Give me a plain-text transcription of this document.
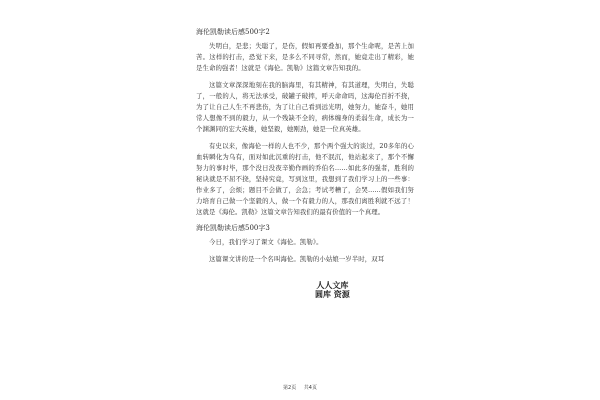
海伦凯勒读后感500字2

失明白，是悲；失聪了，是伤，假如再要叠加，那个生命呢，是苦上加苦。这样的打击，恐觉下来，是多么不同寻常，然而，她竟走出了精彩，她是生命的强者！这就是《海伦。凯勒》这篇文章告知我的。

这篇文章深深地刻在我的脑海里，有其精神，有其道理，失明白，失聪了，一般的人，将无法承受，破罐子破摔，呼天命命吗，这海伦百折不挠，为了让自己人生不再悲伤，为了让自己看到远光明，她努力，她奋斗，她用常人想像不到的毅力，从一个残缺不全的，病体缠身的柔弱生命，成长为一个渊渊同的宏大英雄，她坚毅，她刚劲，她是一位真英雄。

有史以来，像海伦一样的人也不少，那个两个强大的谈过，20多年的心血转瞬化为乌有，面对如此沉重的打击，他不泯沉，他站起来了，那个不懈努力的事时毕，那个没日没夜辛勤作画的乔伯名……如此多的强者，胜利的秘诀就是不屈不挠，坚持究竟，写到这里，我想到了我们学习上的一些事：作业多了，会烦；题目不会做了，会急；考试考糟了，会哭……假如我们努力培育自己做一个坚毅的人，做一个有毅力的人，那我们离胜利就不远了！这就是《海伦。凯勒》这篇文章告知我们的最有价值的一个真理。

海伦凯勒读后感500字3

今日，我们学习了课文《海伦。凯勒》。

这篇课文讲的是一个名叫海伦。凯勒的小姑娘一岁半时，双耳

人人文库
圆库 资源
第2页 共4页
